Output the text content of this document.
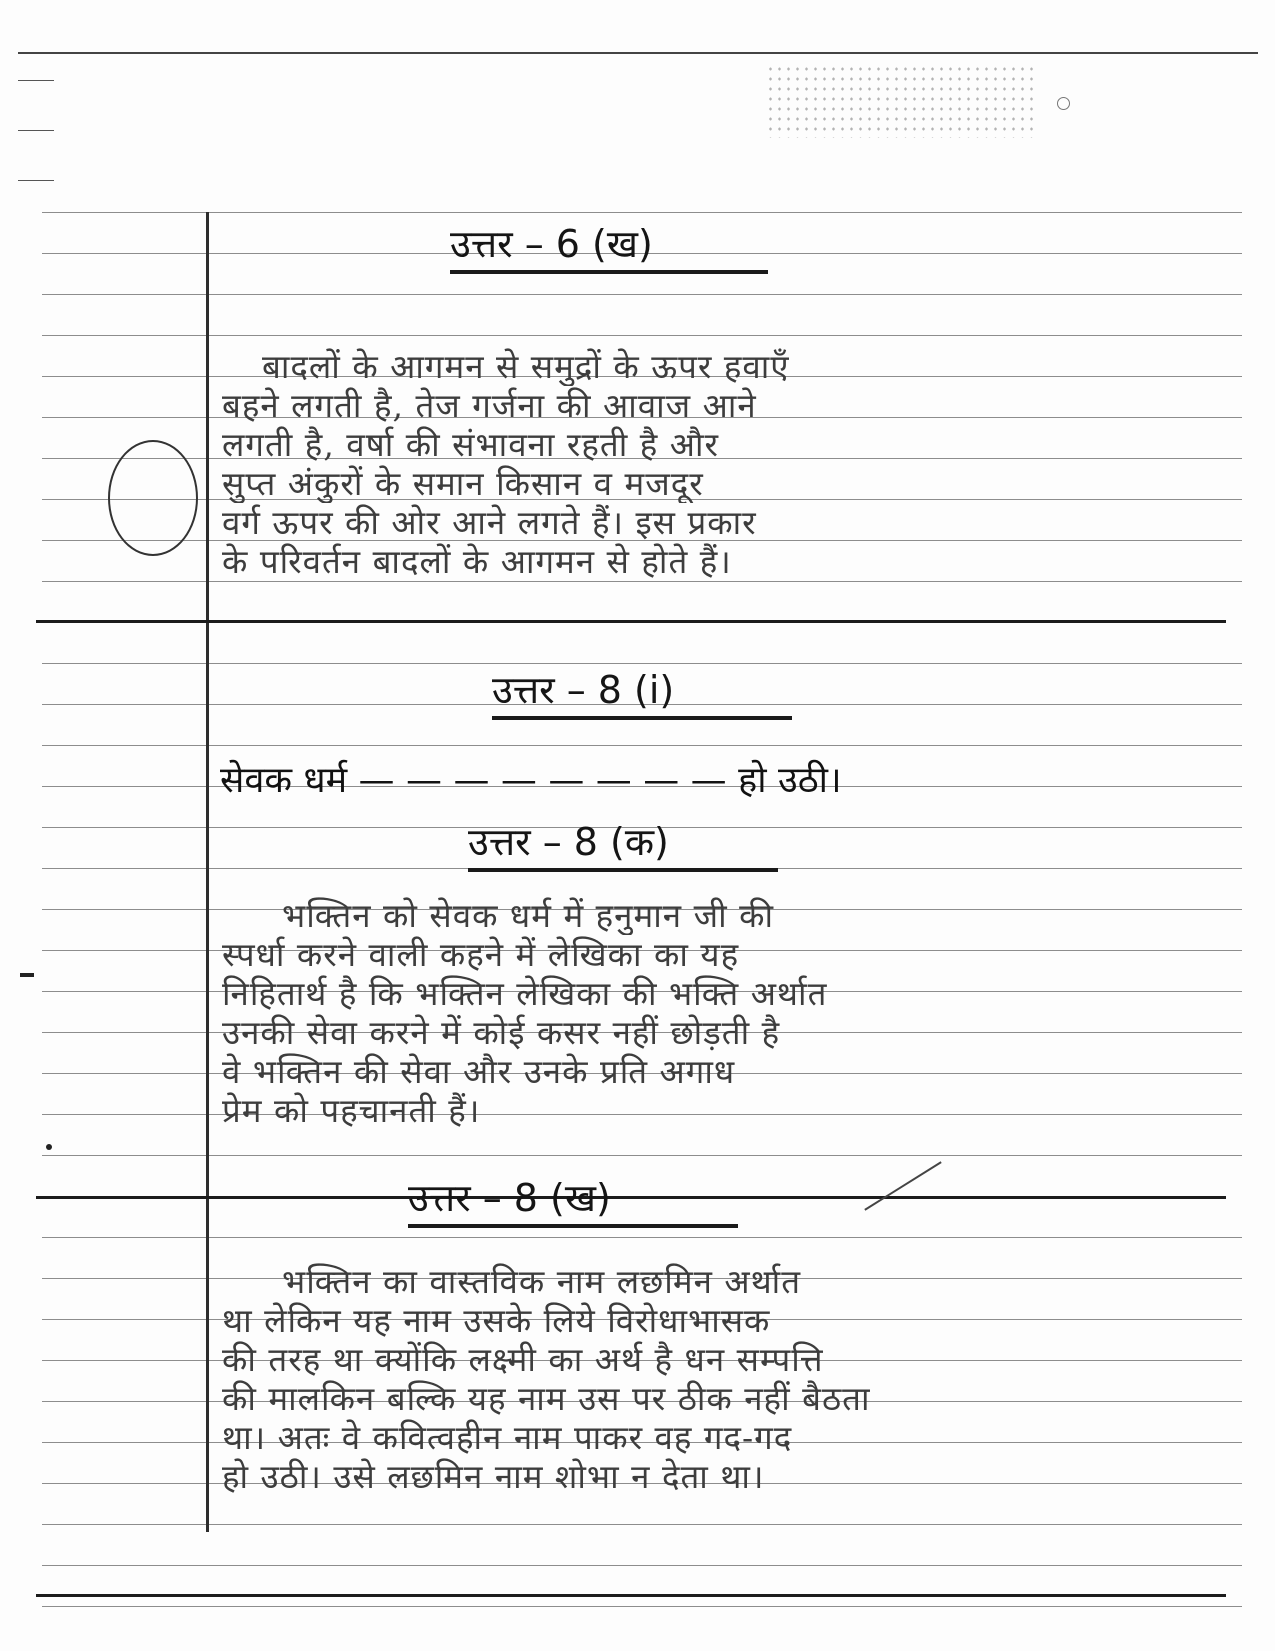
उत्तर – 6 (ख)
बादलों के आगमन से समुद्रों के ऊपर हवाएँ
बहने लगती है, तेज गर्जना की आवाज आने
लगती है, वर्षा की संभावना रहती है और
सुप्त अंकुरों के समान किसान व मजदूर
वर्ग ऊपर की ओर आने लगते हैं। इस प्रकार
के परिवर्तन बादलों के आगमन से होते हैं।
उत्तर – 8 (i)
सेवक धर्म — — — — — — — — हो उठी।
उत्तर – 8 (क)
भक्तिन को सेवक धर्म में हनुमान जी की
स्पर्धा करने वाली कहने में लेखिका का यह
निहितार्थ है कि भक्तिन लेखिका की भक्ति अर्थात
उनकी सेवा करने में कोई कसर नहीं छोड़ती है
वे भक्तिन की सेवा और उनके प्रति अगाध
प्रेम को पहचानती हैं।
उत्तर – 8 (ख)
भक्तिन का वास्तविक नाम लछमिन अर्थात
था लेकिन यह नाम उसके लिये विरोधाभासक
की तरह था क्योंकि लक्ष्मी का अर्थ है धन सम्पत्ति
की मालकिन बल्कि यह नाम उस पर ठीक नहीं बैठता
था। अतः वे कवित्वहीन नाम पाकर वह गद-गद
हो उठी। उसे लछमिन नाम शोभा न देता था।
